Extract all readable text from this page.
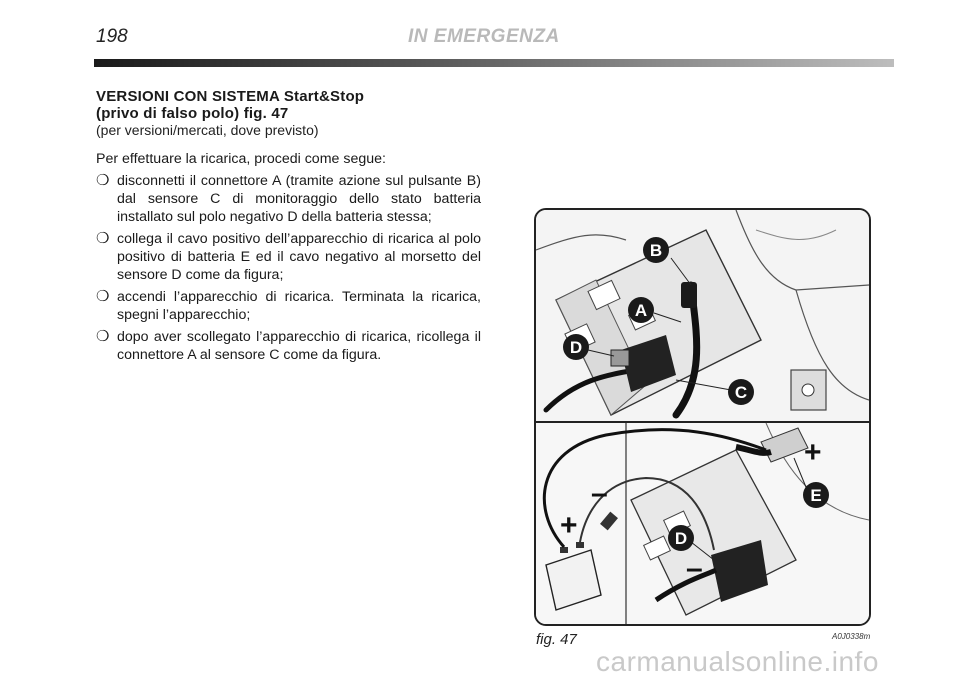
198	IN EMERGENZA

VERSIONI CON SISTEMA Start&Stop

(privo di falso polo) fig. 47

(per versioni/mercati, dove previsto)

Per effettuare la ricarica, procedi come segue:

❍ disconnetti il connettore A (tramite azione sul pulsante B) dal sensore C di monitoraggio dello stato batteria installato sul polo negativo D della batteria stessa;
❍ collega il cavo positivo dell’apparecchio di ricarica al polo positivo di batteria E ed il cavo negativo al morsetto del sensore D come da figura;
❍ accendi l’apparecchio di ricarica. Terminata la ricarica, spegni l’apparecchio;
❍ dopo aver scollegato l’apparecchio di ricarica, ricollega il connettore A al sensore C come da figura.
B
A
D
C
E
D
+
+
–
–
fig. 47	A0J0338m
carmanualsonline.info
